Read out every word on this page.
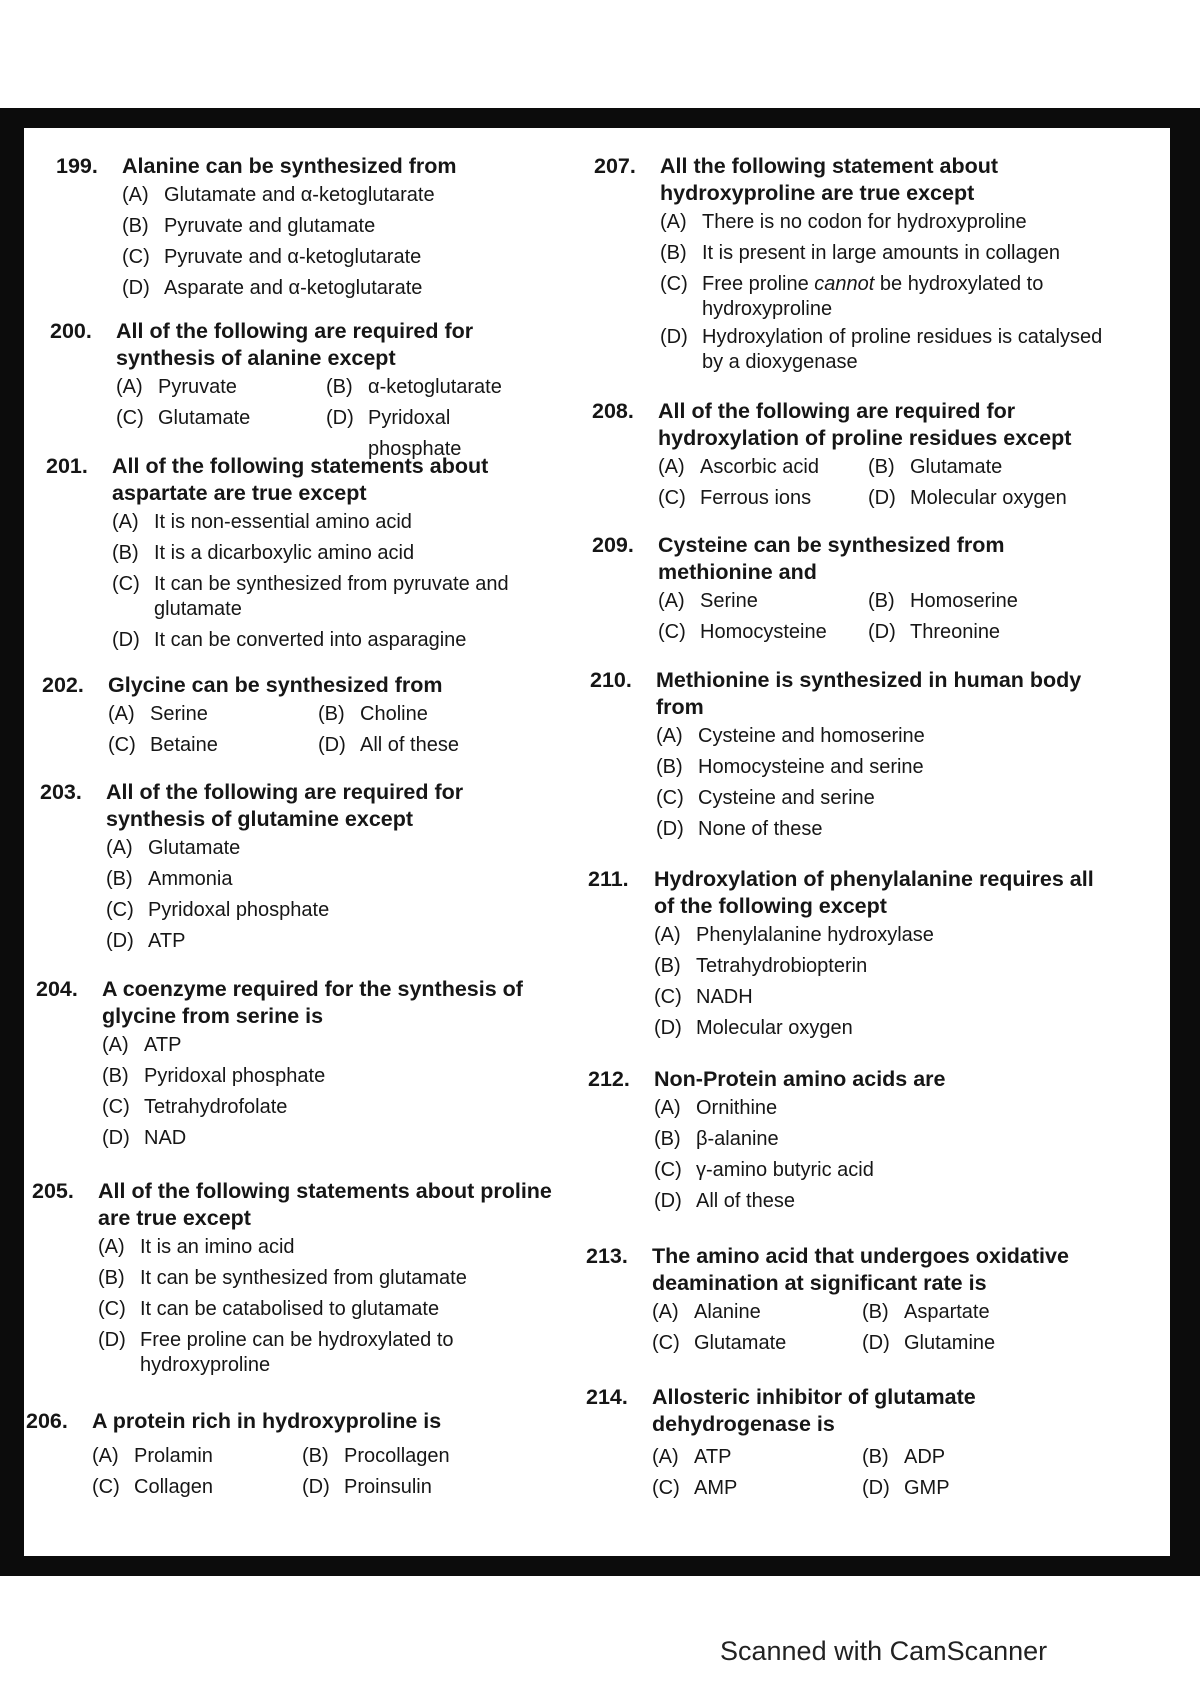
199.	Alanine can be synthesized from
(A) Glutamate and α-ketoglutarate
(B) Pyruvate and glutamate
(C) Pyruvate and α-ketoglutarate
(D) Asparate and α-ketoglutarate
200.	All of the following are required for synthesis of alanine except
(A) Pyruvate	(B) α-ketoglutarate
(C) Glutamate	(D) Pyridoxal phosphate
201.	All of the following statements about aspartate are true except
(A) It is non-essential amino acid
(B) It is a dicarboxylic amino acid
(C) It can be synthesized from pyruvate and glutamate
(D) It can be converted into asparagine
202.	Glycine can be synthesized from
(A) Serine	(B) Choline
(C) Betaine	(D) All of these
203.	All of the following are required for synthesis of glutamine except
(A) Glutamate
(B) Ammonia
(C) Pyridoxal phosphate
(D) ATP
204.	A coenzyme required for the synthesis of glycine from serine is
(A) ATP
(B) Pyridoxal phosphate
(C) Tetrahydrofolate
(D) NAD
205.	All of the following statements about proline are true except
(A) It is an imino acid
(B) It can be synthesized from glutamate
(C) It can be catabolised to glutamate
(D) Free proline can be hydroxylated to hydroxyproline
206.	A protein rich in hydroxyproline is
(A) Prolamin	(B) Procollagen
(C) Collagen	(D) Proinsulin
207.	All the following statement about hydroxyproline are true except
(A) There is no codon for hydroxyproline
(B) It is present in large amounts in collagen
(C) Free proline cannot be hydroxylated to hydroxyproline
(D) Hydroxylation of proline residues is catalysed by a dioxygenase
208.	All of the following are required for hydroxylation of proline residues except
(A) Ascorbic acid	(B) Glutamate
(C) Ferrous ions	(D) Molecular oxygen
209.	Cysteine can be synthesized from methionine and
(A) Serine	(B) Homoserine
(C) Homocysteine	(D) Threonine
210.	Methionine is synthesized in human body from
(A) Cysteine and homoserine
(B) Homocysteine and serine
(C) Cysteine and serine
(D) None of these
211.	Hydroxylation of phenylalanine requires all of the following except
(A) Phenylalanine hydroxylase
(B) Tetrahydrobiopterin
(C) NADH
(D) Molecular oxygen
212.	Non-Protein amino acids are
(A) Ornithine
(B) β-alanine
(C) γ-amino butyric acid
(D) All of these
213.	The amino acid that undergoes oxidative deamination at significant rate is
(A) Alanine	(B) Aspartate
(C) Glutamate	(D) Glutamine
214.	Allosteric inhibitor of glutamate dehydrogenase is
(A) ATP	(B) ADP
(C) AMP	(D) GMP
Scanned with CamScanner
